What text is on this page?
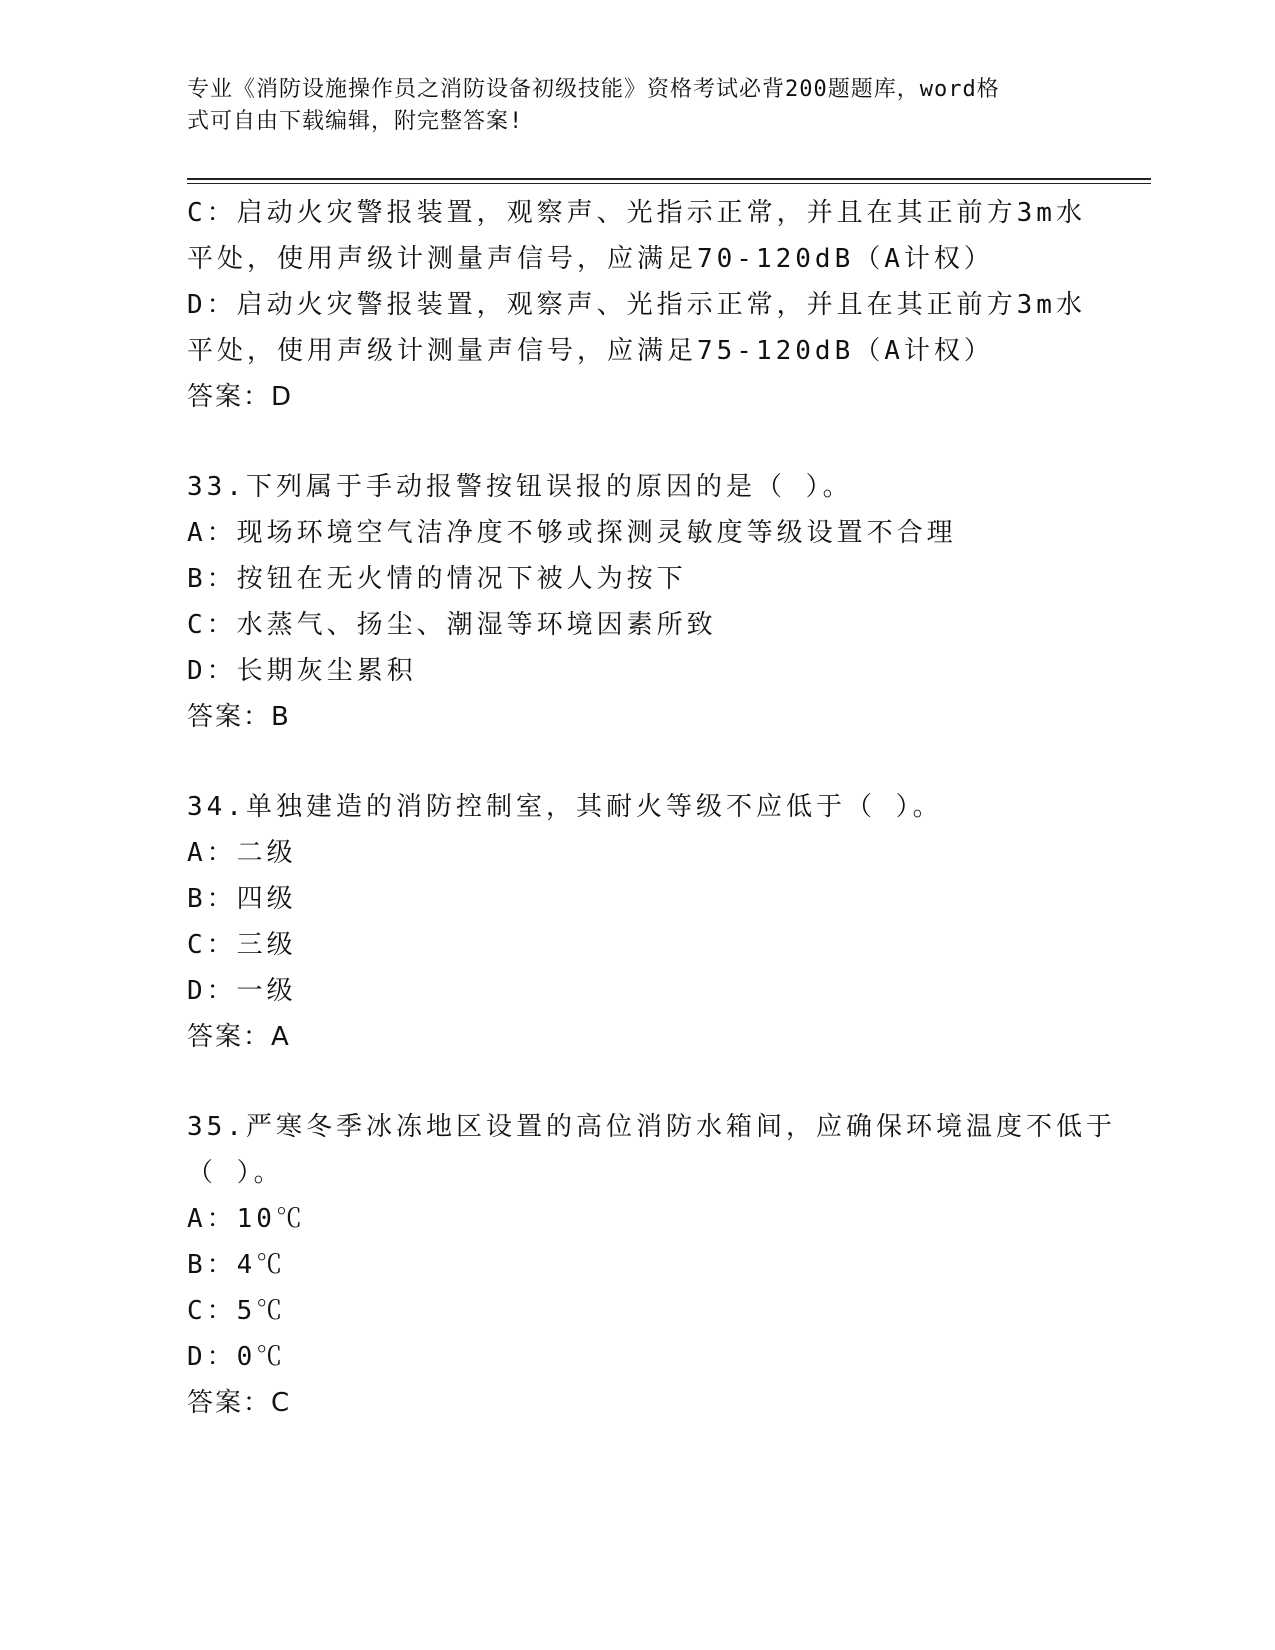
专业《消防设施操作员之消防设备初级技能》资格考试必背200题题库，word格
式可自由下载编辑，附完整答案!
C：启动火灾警报装置，观察声、光指示正常，并且在其正前方3m水
平处，使用声级计测量声信号，应满足70-120dB（A计权）
D：启动火灾警报装置，观察声、光指示正常，并且在其正前方3m水
平处，使用声级计测量声信号，应满足75-120dB（A计权）
答案：D
33.下列属于手动报警按钮误报的原因的是（ ）。
A：现场环境空气洁净度不够或探测灵敏度等级设置不合理
B：按钮在无火情的情况下被人为按下
C：水蒸气、扬尘、潮湿等环境因素所致
D：长期灰尘累积
答案：B
34.单独建造的消防控制室，其耐火等级不应低于（ ）。
A：二级
B：四级
C：三级
D：一级
答案：A
35.严寒冬季冰冻地区设置的高位消防水箱间，应确保环境温度不低于
（ ）。
A：10℃
B：4℃
C：5℃
D：0℃
答案：C
